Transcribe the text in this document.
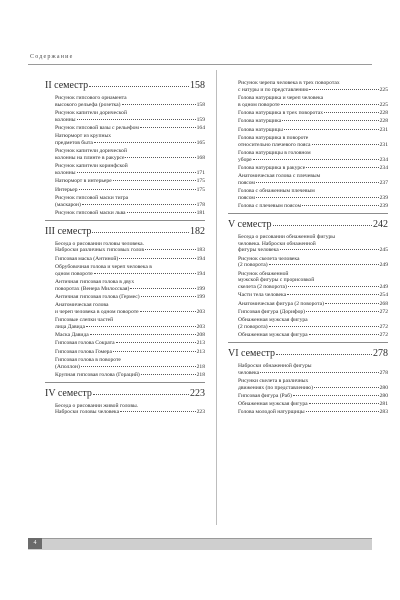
Содержание
II семестр	158
Рисунок гипсового орнамента
высокого рельефа (розетка)	158
Рисунок капители дорической
колонны	159
Рисунок гипсовой вазы с рельефом	164
Натюрморт из крупных
предметов быта	165
Рисунок капители дорической
колонны на плинте в ракурсе	168
Рисунок капители коринфской
колонны	171
Натюрморт в интерьере	175
Интерьер	175
Рисунок гипсовой маски тигра
(маскарон)	178
Рисунок гипсовой маски льва	181
III семестр	182
Беседа о рисовании головы человека.
Наброски различных гипсовых голов	183
Гипсовая маска (Антиной)	194
Обрубовочная голова и череп человека в
одном повороте	194
Античная гипсовая голова в двух
поворотах (Венера Милосская)	199
Античная гипсовая голова (Гермес)	199
Анатомическая голова
и череп человека в одном повороте	203
Гипсовые слепки частей
лица Давида	203
Маска Давида	208
Гипсовая голова Сократа	213
Гипсовая голова Гомера	213
Гипсовая голова в повороте
(Аполлон)	218
Крупная гипсовая голова (Гораций)	218
IV семестр	223
Беседа о рисовании живой головы.
Наброски головы человека	223
Рисунок черепа человека в трех поворотах
с натуры и по представлению	225
Голова натурщика и череп человека
в одном повороте	225
Голова натурщика в трех поворотах	228
Голова натурщика	228
Голова натурщицы	231
Голова натурщика в повороте
относительно плечевого пояса	231
Голова натурщицы в головном
уборе	234
Голова натурщика в ракурсе	234
Анатомическая голова с плечевым
поясом	237
Голова с обнаженным плечевым
поясом	239
Голова с плечевым поясом	239
V семестр	242
Беседа о рисовании обнаженной фигуры
человека. Наброски обнаженной
фигуры человека	245
Рисунок скелета человека
(2 поворота)	249
Рисунок обнаженной
мужской фигуры с прорисовкой
скелета (2 поворота)	249
Части тела человека	254
Анатомическая фигура (2 поворота)	268
Гипсовая фигура (Дорифор)	272
Обнаженная мужская фигура
(2 поворота)	272
Обнаженная мужская фигура	272
VI семестр	278
Наброски обнаженной фигуры
человека	278
Рисунки скелета в различных
движениях (по представлению)	280
Гипсовая фигура (Раб)	280
Обнаженная мужская фигура	281
Голова молодой натурщицы	283
4
